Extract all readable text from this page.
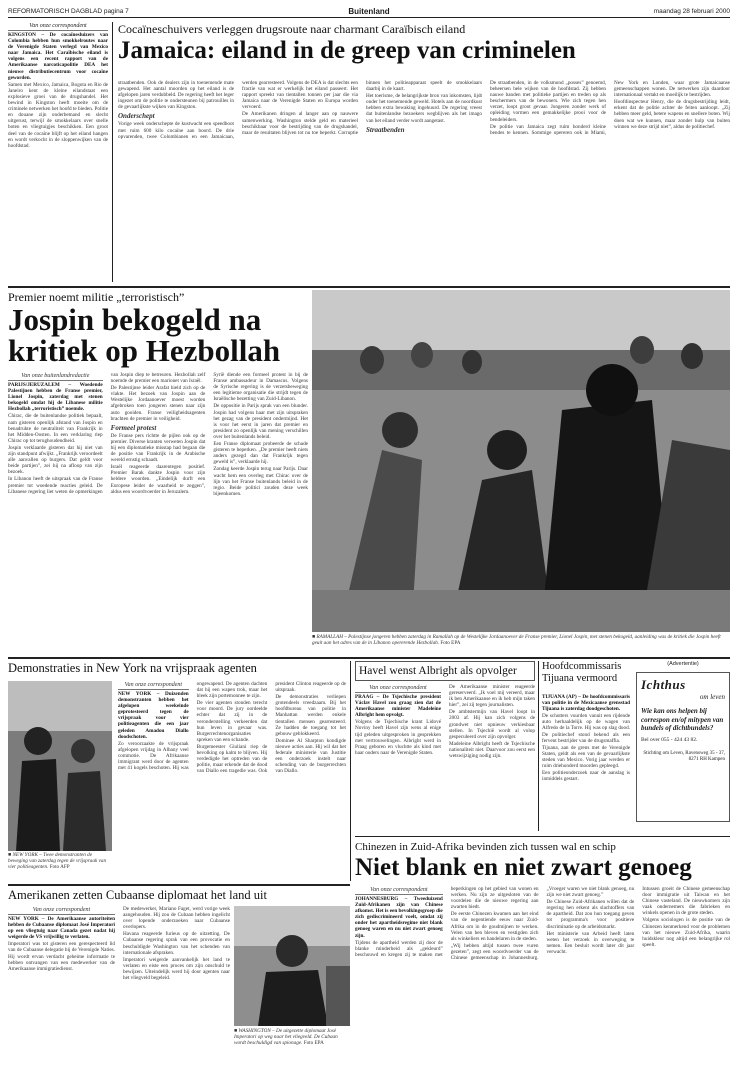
REFORMATORISCH DAGBLAD pagina 7	Buitenland	maandag 28 februari 2000
Van onze correspondent

KINGSTON – De cocaïnesluizers van Colombia hebben hun smokkelroutes naar de Verenigde Staten verlegd van Mexico naar Jamaica. Het Caraïbische eiland is volgens een recent rapport van de Amerikaanse narcoticapolitie DEA het nieuwe distributiecentrum voor cocaïne geworden.

Samen met Mexico, Jamaica, Bogota en Rio de Janeiro kent de kleine eilandstaat een explosieve groei van de drugshandel. Het bewind in Kingston heeft moeite om de criminele netwerken het hoofd te bieden. Politie en douane zijn onderbemand en slecht uitgerust, terwijl de smokkelaars over snelle boten en vliegtuigjes beschikken. Een groot deel van de cocaïne blijft op het eiland hangen en wordt verkocht in de sloppenwijken van de hoofdstad.

Cocaïneschuivers verleggen drugsroute naar charmant Caraïbisch eiland
Jamaica: eiland in de greep van criminelen

straatbenden. Ook de dealers zijn in toenemende mate gewapend. Het aantal moorden op het eiland is de afgelopen jaren verdubbeld. De regering heeft het leger ingezet om de politie te ondersteunen bij patrouilles in de gevaarlijkste wijken van Kingston.

Onderschept

Vorige week onderschepte de kustwacht een speedboot met ruim 600 kilo cocaïne aan boord. De drie opvarenden, twee Colombianen en een Jamaicaan, werden gearresteerd. Volgens de DEA is dat slechts een fractie van wat er werkelijk het eiland passeert. Het rapport spreekt van tientallen tonnen per jaar die via Jamaica naar de Verenigde Staten en Europa worden vervoerd.

De Amerikanen dringen al langer aan op nauwere samenwerking. Washington stelde geld en materieel beschikbaar voor de bestrijding van de drugshandel, maar de resultaten blijven tot nu toe beperkt. Corruptie binnen het politieapparaat speelt de smokkelaars daarbij in de kaart.

Het toerisme, de belangrijkste bron van inkomsten, lijdt onder het toenemende geweld. Hotels aan de noordkust hebben extra bewaking ingehuurd. De regering vreest dat buitenlandse bezoekers wegblijven als het imago van het eiland verder wordt aangetast.

Straatbenden

De straatbenden, in de volksmond „posses” genoemd, beheersen hele wijken van de hoofdstad. Zij hebben nauwe banden met politieke partijen en treden op als beschermers van de bewoners. Wie zich tegen hen verzet, loopt groot gevaar. Jongeren zonder werk of opleiding vormen een gemakkelijke prooi voor de bendeleiders.

De politie van Jamaica zegt ruim honderd kleine bendes te kennen. Sommige opereren ook in Miami, New York en Londen, waar grote Jamaicaanse gemeenschappen wonen. De netwerken zijn daardoor internationaal vertakt en moeilijk te bestrijden.

Hoofdinspecteur Henry, die de drugsbestrijding leidt, erkent dat de politie achter de feiten aanloopt. „Zij hebben meer geld, betere wapens en snellere boten. Wij doen wat we kunnen, maar zonder hulp van buiten winnen we deze strijd niet”, aldus de politiechef.

Premier noemt militie „terroristisch”
Jospin bekogeld na kritiek op Hezbollah
Van onze buitenlandredactie

PARIJS/JERUZALEM – Woedende Palestijnen hebben de Franse premier, Lionel Jospin, zaterdag met stenen bekogeld omdat hij de Libanese militie Hezbollah „terroristisch” noemde.

Chirac, die de buitenlandse politiek bepaalt, nam gisteren openlijk afstand van Jospin en benadrukte de neutraliteit van Frankrijk in het Midden-Oosten. In een verklaring riep Chirac op tot terughoudendheid.

Jospin verklaarde gisteren dat hij niet van zijn standpunt afwijkt. „Frankrijk veroordeelt alle aanvallen op burgers. Dat geldt voor beide partijen”, zei hij na afloop van zijn bezoek.

In Libanon heeft de uitspraak van de Franse premier tot woedende reacties geleid. De Libanese regering liet weten de opmerkingen van Jospin diep te betreuren. Hezbollah zelf noemde de premier een marionet van Israël.

De Palestijnse leider Arafat hield zich op de vlakte. Het bezoek van Jospin aan de Westelijke Jordaanoever moest worden afgebroken toen jongeren stenen naar zijn auto gooiden. Franse veiligheidsagenten brachten de premier in veiligheid.

Formeel protest

De Franse pers richtte de pijlen ook op de premier. Diverse kranten verweten Jospin dat hij een diplomatieke misstap had begaan die de positie van Frankrijk in de Arabische wereld ernstig schaadt.

Israël reageerde daarentegen positief. Premier Barak dankte Jospin voor zijn heldere woorden. „Eindelijk durft een Europese leider de waarheid te zeggen”, aldus een woordvoerder in Jeruzalem.

Syrië diende een formeel protest in bij de Franse ambassadeur in Damascus. Volgens de Syrische regering is de verzetsbeweging een legitieme organisatie die strijdt tegen de Israëlische bezetting van Zuid-Libanon.

De oppositie in Parijs sprak van een blunder. Jospin had volgens haar met zijn uitspraken het gezag van de president ondermijnd. Het is voor het eerst in jaren dat premier en president zo openlijk van mening verschillen over het buitenlands beleid.

Een Franse diplomaat probeerde de schade gisteren te beperken. „De premier heeft niets anders gezegd dan dat Frankrijk tegen geweld is”, verklaarde hij.

Zondag keerde Jospin terug naar Parijs. Daar wacht hem een overleg met Chirac over de lijn van het Franse buitenlands beleid in de regio. Beide politici zouden deze week bijeenkomen.

■ RAMALLAH – Palestijnse jongeren hebben zaterdag in Ramallah op de Westelijke Jordaanoever de Franse premier, Lionel Jospin, met stenen bekogeld, aanleiding was de kritiek die Jospin heeft geuit aan het adres van de in Libanon opererende Hezbollah. Foto EPA
Demonstraties in New York na vrijspraak agenten
■ NEW YORK – Twee demonstranten de beweging van zaterdag tegen de vrijspraak van vier politieagenten. Foto AFP
Van onze correspondent

NEW YORK – Duizenden demonstranten hebben het afgelopen weekeinde geprotesteerd tegen de vrijspraak voor vier politieagenten die een jaar geleden Amadou Diallo doodschoten.

Zo veroorzaakte de vrijspraak afgelopen vrijdag in Albany veel commotie. De Afrikaanse immigrant werd door de agenten met 41 kogels beschoten. Hij was ongewapend. De agenten dachten dat hij een wapen trok, maar het bleek zijn portemonnee te zijn.

De vier agenten stonden terecht voor moord. De jury oordeelde echter dat zij in de veronderstelling verkeerden dat hun leven in gevaar was. Burgerrechtenorganisaties spreken van een schande.

Burgemeester Giuliani riep de bevolking op kalm te blijven. Hij verdedigde het optreden van de politie, maar erkende dat de dood van Diallo een tragedie was. Ook president Clinton reageerde op de uitspraak.

De demonstraties verliepen grotendeels vreedzaam. Bij het hoofdbureau van politie in Manhattan werden enkele tientallen mensen gearresteerd. Ze hadden de toegang tot het gebouw geblokkeerd.

Dominee Al Sharpton kondigde nieuwe acties aan. Hij wil dat het federale ministerie van Justitie een onderzoek instelt naar schending van de burgerrechten van Diallo.

Havel wenst Albright als opvolger
Van onze correspondent

PRAAG – De Tsjechische president Václav Havel zou graag zien dat de Amerikaanse minister Madeleine Albright hem opvolgt.

Volgens de Tsjechische krant Lidové Noviny heeft Havel zijn wens al enige tijd geleden uitgesproken in gesprekken met vertrouwelingen. Albright werd in Praag geboren en vluchtte als kind met haar ouders naar de Verenigde Staten.

De Amerikaanse minister reageerde gereserveerd. „Ik voel mij vereerd, maar ik ben Amerikaanse en ik heb mijn taken hier”, zei zij tegen journalisten.

De ambtstermijn van Havel loopt in 2003 af. Hij kan zich volgens de grondwet niet opnieuw verkiesbaar stellen. In Tsjechië wordt al volop gespeculeerd over zijn opvolger.

Madeleine Albright heeft de Tsjechische nationaliteit niet. Daarvoor zou eerst een wetswijziging nodig zijn.

Hoofdcommissaris Tijuana vermoord

TIJUANA (AP) – De hoofdcommissaris van politie in de Mexicaanse grensstad Tijuana is zaterdag doodgeschoten.

De schutters vuurden vanuit een rijdende auto herhaaldelijk op de wagen van Alfredo de la Torre. Hij was op slag dood. De politiechef stond bekend als een fervent bestrijder van de drugsmaffia.

Tijuana, aan de grens met de Verenigde Staten, geldt als een van de gevaarlijkste steden van Mexico. Vorig jaar werden er ruim driehonderd moorden gepleegd.

Een politieonderzoek naar de aanslag is inmiddels gestart.

(Advertentie)
Ichthus
om leven
Wie kan ons helpen bij correspon en/of mitypen van bundels of dichtbundels?
Bel over 055 - 424 43 82.
Stichting om Leven, Ravensweg 35 - 37, 8271 RH Kampen
Chinezen in Zuid-Afrika bevinden zich tussen wal en schip
Niet blank en niet zwart genoeg
Van onze correspondent

JOHANNESBURG – Tweeduizend Zuid-Afrikanen zijn van Chinese afkomst. Het is een bevolkingsgroep die zich gediscrimineerd voelt, omdat zij onder het apartheidsregime niet blank genoeg waren en nu niet zwart genoeg zijn.

Tijdens de apartheid werden zij door de blanke minderheid als „gekleurd” beschouwd en kregen zij te maken met beperkingen op het gebied van wonen en werken. Nu zijn ze uitgesloten van de voordelen die de nieuwe regering aan zwarten biedt.

De eerste Chinezen kwamen aan het eind van de negentiende eeuw naar Zuid-Afrika om in de goudmijnen te werken. Velen van hen bleven en vestigden zich als winkeliers en handelaren in de steden.

„Wij hebben altijd tussen twee vuren gezeten”, zegt een woordvoerder van de Chinese gemeenschap in Johannesburg. „Vroeger waren we niet blank genoeg, nu zijn we niet zwart genoeg.”

De Chinese Zuid-Afrikanen willen dat de regering hen erkent als slachtoffers van de apartheid. Dat zou hun toegang geven tot programma's voor positieve discriminatie op de arbeidsmarkt.

Het ministerie van Arbeid heeft laten weten het verzoek in overweging te nemen. Een besluit wordt later dit jaar verwacht.

Intussen groeit de Chinese gemeenschap door immigratie uit Taiwan en het Chinese vasteland. De nieuwkomers zijn vaak ondernemers die fabrieken en winkels openen in de grote steden.

Volgens sociologen is de positie van de Chinezen kenmerkend voor de problemen van het nieuwe Zuid-Afrika, waarin huidskleur nog altijd een belangrijke rol speelt.

Amerikanen zetten Cubaanse diplomaat het land uit
Van onze correspondent

NEW YORK – De Amerikaanse autoriteiten hebben de Cubaanse diplomaat José Imperatori op een vliegtuig naar Canada gezet nadat hij weigerde de VS vrijwillig te verlaten.

Imperatori was tot gisteren een gerespecteerd lid van de Cubaanse delegatie bij de Verenigde Naties. Hij wordt ervan verdacht geheime informatie te hebben ontvangen van een medewerker van de Amerikaanse immigratiedienst.

De medewerker, Mariano Faget, werd vorige week aangehouden. Hij zou de Cubaan hebben ingelicht over lopende onderzoeken naar Cubaanse overlopers.

Havana reageerde furieus op de uitzetting. De Cubaanse regering sprak van een provocatie en beschuldigde Washington van het schenden van internationale afspraken.

Imperatori weigerde aanvankelijk het land te verlaten en eiste een proces om zijn onschuld te bewijzen. Uiteindelijk werd hij door agenten naar het vliegveld begeleid.

■ WASHINGTON – De uitgezette diplomaat José Imperatori op weg naar het vliegveld. De Cubaan wordt beschuldigd van spionage. Foto EPA
